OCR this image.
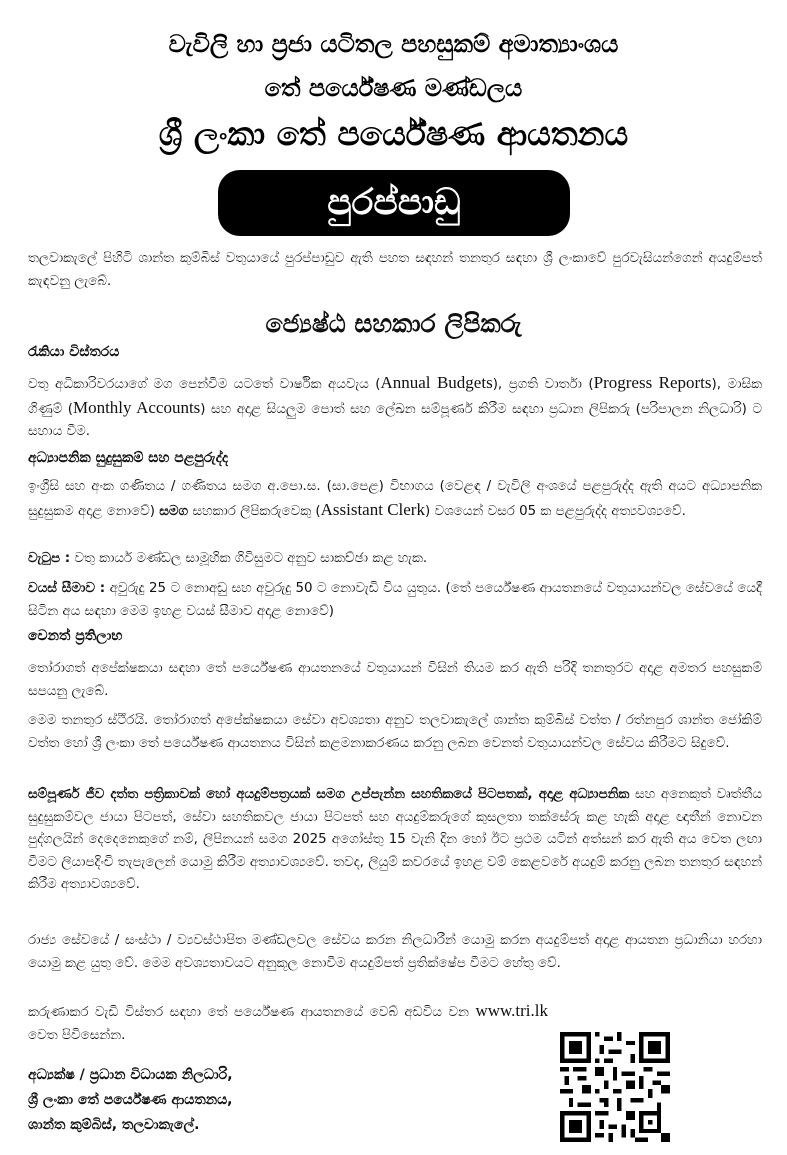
වැවිලි හා ප්‍රජා යටිතල පහසුකම් අමාත්‍යාංශය
තේ පර්යේෂණ මණ්ඩලය
ශ්‍රී ලංකා තේ පර්යේෂණ ආයතනය
පුරප්පාඩු
තලවාකැලේ පිහිටි ශාන්ත කුම්බිස් වතුයායේ පුරප්පාඩුව ඇති පහත සඳහන් තනතුර සඳහා ශ්‍රී ලංකාවේ පුරවැසියන්ගෙන් අයදුම්පත් කැඳවනු ලැබේ.
ජ්‍යෙෂ්ඨ සහකාර ලිපිකරු
රැකියා විස්තරය
වතු අධිකාරිවරයාගේ මග පෙන්වීම යටතේ වාර්ෂික අයවැය (Annual Budgets), ප්‍රගති වාර්තා (Progress Reports), මාසික ගිණුම් (Monthly Accounts) සහ අදාළ සියලුම පොත් සහ ලේඛන සම්පූර්ණ කිරීම සඳහා ප්‍රධාන ලිපිකරු (පරිපාලන නිලධාරි) ට සහාය වීම.
අධ්‍යාපනික සුදුසුකම් සහ පළපුරුද්ද
ඉංග්‍රීසි සහ අංක ගණිතය / ගණිතය සමග අ.පො.ස. (සා.පෙළ) විභාගය (වෙළඳ / වැවිලි අංශයේ පළපුරුද්ද ඇති අයට අධ්‍යාපනික සුදුසුකම අදාළ නොවේ) සමග සහකාර ලිපිකරුවෙකු (Assistant Clerk) වශයෙන් වසර 05 ක පළපුරුද්ද අත්‍යවශ්‍යවේ.
වැටුප : වතු කාර්ය මණ්ඩල සාමූහික ගිවිසුමට අනුව සාකච්ඡා කළ හැක.
වයස් සීමාව : අවුරුදු 25 ට නොඅඩු සහ අවුරුදු 50 ට නොවැඩි විය යුතුය. (තේ පර්යේෂණ ආයතනයේ වතුයායන්වල සේවයේ යෙදී සිටින අය සඳහා මෙම ඉහළ වයස් සීමාව අදාළ නොවේ)
වෙනත් ප්‍රතිලාභ
තෝරාගත් අපේක්ෂකයා සඳහා තේ පර්යේෂණ ආයතනයේ වතුයායන් විසින් තියම කර ඇති පරිදි තනතුරට අදාළ අමතර පහසුකම් සපයනු ලැබේ.
මෙම තනතුර ස්ථිරයි. තෝරාගත් අපේක්ෂකයා සේවා අවශ්‍යතා අනුව තලවාකැලේ ශාන්ත කුම්බිස් වත්ත / රත්නපුර ශාන්ත ජෝකිම් වත්ත හෝ ශ්‍රී ලංකා තේ පර්යේෂණ ආයතනය විසින් කළමනාකරණය කරනු ලබන වෙනත් වතුයායන්වල සේවය කිරීමට සිදුවේ.
සම්පූර්ණ ජීව දත්ත පත්‍රිකාවක් හෝ අයදුම්පත්‍රයක් සමග උප්පැන්න සහතිකයේ පිටපතක්, අදාළ අධ්‍යාපනික සහ අනෙකුත් වෘත්තීය සුදුසුකම්වල ජායා පිටපත්, සේවා සහතිකවල ජායා පිටපත් සහ අයදුම්කරුගේ කුසලතා තක්සේරු කළ හැකි අදාළ ඥාතීන් නොවන පුද්ගලයින් දෙදෙනෙකුගේ නම්, ලිපිනයන් සමග 2025 අගෝස්තු 15 වැනි දින හෝ ඊට ප්‍රථම යටින් අත්සන් කර ඇති අය වෙත ලඟා වීමට ලියාපදිංචි තැපැලෙන් යොමු කිරීම අත්‍යාවශ්‍යවේ. තවද, ලියුම් කවරයේ ඉහළ වම් කෙළවරේ අයදුම් කරනු ලබන තනතුර සඳහන් කිරීම අත්‍යාවශ්‍යවේ.
රාජ්‍ය සේවයේ / සංස්ථා / ව්‍යවස්ථාපිත මණ්ඩලවල සේවය කරන නිලධාරීන් යොමු කරන අයදුම්පත් අදාළ ආයතන ප්‍රධානියා හරහා යොමු කළ යුතු වේ. මෙම අවශ්‍යතාවයට අනුකූල නොවීම අයදුම්පත් ප්‍රතික්ෂේප වීමට හේතු වේ.
කරුණාකර වැඩි විස්තර සඳහා තේ පර්යේෂණ ආයතනයේ වෙබ් අඩවිය වන www.tri.lk වෙත පිවිසෙන්න.
අධ්‍යක්ෂ / ප්‍රධාන විධායක නිලධාරි,
ශ්‍රී ලංකා තේ පර්යේෂණ ආයතනය,
ශාන්ත කුම්බිස්, තලවාකැලේ.
